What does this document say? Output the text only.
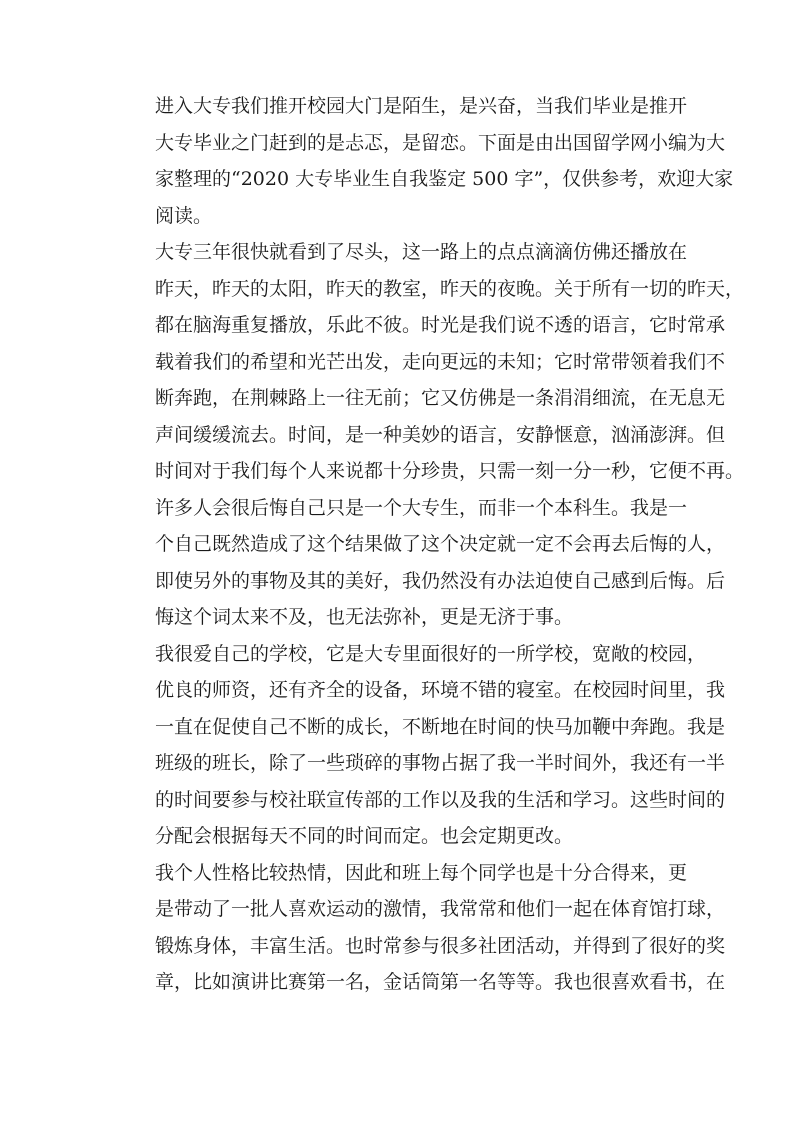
进入大专我们推开校园大门是陌生，是兴奋，当我们毕业是推开
大专毕业之门赶到的是忐忑，是留恋。下面是由出国留学网小编为大
家整理的“2020 大专毕业生自我鉴定 500 字”，仅供参考，欢迎大家
阅读。

大专三年很快就看到了尽头，这一路上的点点滴滴仿佛还播放在
昨天，昨天的太阳，昨天的教室，昨天的夜晚。关于所有一切的昨天，
都在脑海重复播放，乐此不彼。时光是我们说不透的语言，它时常承
载着我们的希望和光芒出发，走向更远的未知；它时常带领着我们不
断奔跑，在荆棘路上一往无前；它又仿佛是一条涓涓细流，在无息无
声间缓缓流去。时间，是一种美妙的语言，安静惬意，汹涌澎湃。但
时间对于我们每个人来说都十分珍贵，只需一刻一分一秒，它便不再。

许多人会很后悔自己只是一个大专生，而非一个本科生。我是一
个自己既然造成了这个结果做了这个决定就一定不会再去后悔的人，
即使另外的事物及其的美好，我仍然没有办法迫使自己感到后悔。后
悔这个词太来不及，也无法弥补，更是无济于事。

我很爱自己的学校，它是大专里面很好的一所学校，宽敞的校园，
优良的师资，还有齐全的设备，环境不错的寝室。在校园时间里，我
一直在促使自己不断的成长，不断地在时间的快马加鞭中奔跑。我是
班级的班长，除了一些琐碎的事物占据了我一半时间外，我还有一半
的时间要参与校社联宣传部的工作以及我的生活和学习。这些时间的
分配会根据每天不同的时间而定。也会定期更改。

我个人性格比较热情，因此和班上每个同学也是十分合得来，更
是带动了一批人喜欢运动的激情，我常常和他们一起在体育馆打球，
锻炼身体，丰富生活。也时常参与很多社团活动，并得到了很好的奖
章，比如演讲比赛第一名，金话筒第一名等等。我也很喜欢看书，在
